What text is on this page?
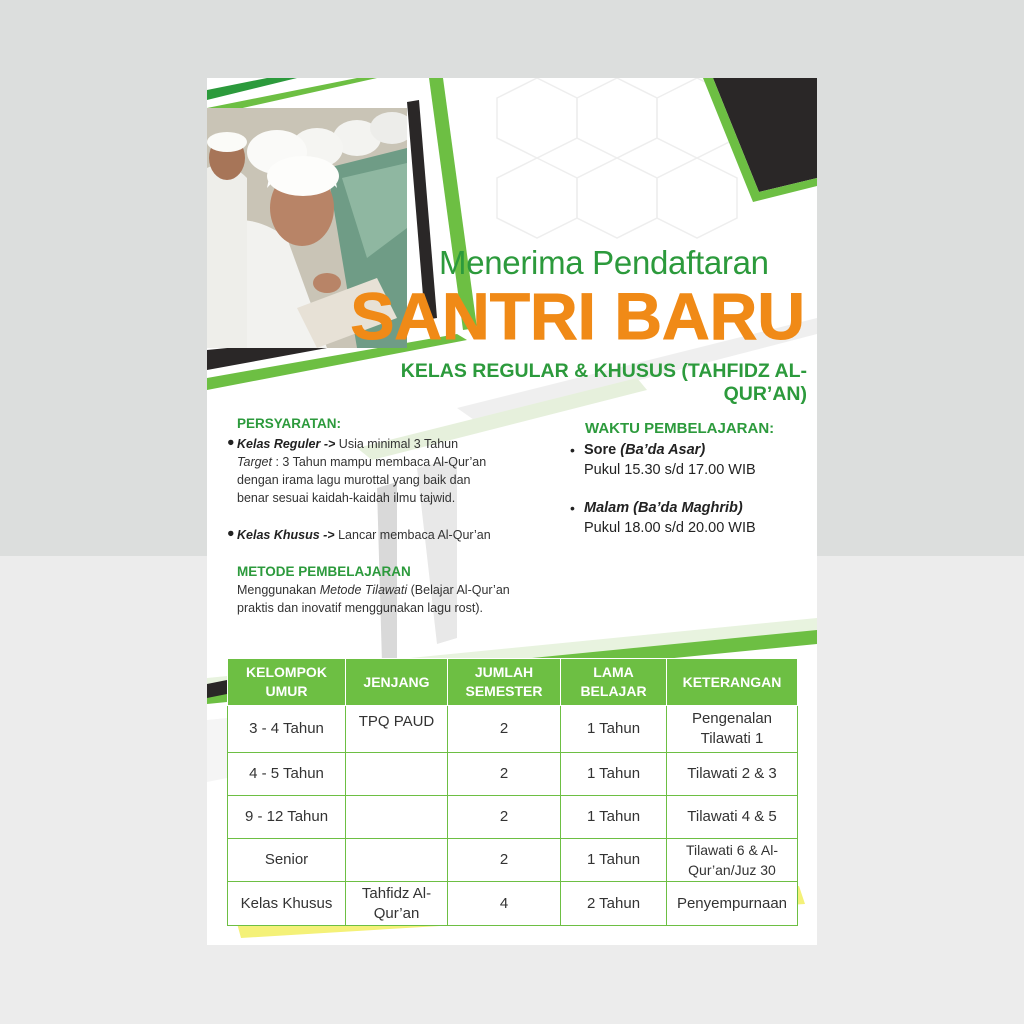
Menerima Pendaftaran
SANTRI BARU
KELAS REGULAR & KHUSUS (TAHFIDZ AL-QUR’AN)
PERSYARATAN:
● Kelas Reguler -> Usia minimal 3 Tahun
Target : 3 Tahun mampu membaca Al-Qur’an
dengan irama lagu murottal yang baik dan
benar sesuai kaidah-kaidah ilmu tajwid.
● Kelas Khusus -> Lancar membaca Al-Qur’an
METODE PEMBELAJARAN
Menggunakan Metode Tilawati (Belajar Al-Qur’an
praktis dan inovatif menggunakan lagu rost).
WAKTU PEMBELAJARAN:
• Sore (Ba’da Asar)
Pukul 15.30 s/d 17.00 WIB
• Malam (Ba’da Maghrib)
Pukul 18.00 s/d 20.00 WIB
KELOMPOK UMUR	JENJANG	JUMLAH SEMESTER	LAMA BELAJAR	KETERANGAN
3 - 4 Tahun	TPQ PAUD	2	1 Tahun	Pengenalan Tilawati 1
4 - 5 Tahun		2	1 Tahun	Tilawati 2 & 3
9 - 12 Tahun		2	1 Tahun	Tilawati 4 & 5
Senior		2	1 Tahun	Tilawati 6 & Al-Qur’an/Juz 30
Kelas Khusus	Tahfidz Al-Qur’an	4	2 Tahun	Penyempurnaan
